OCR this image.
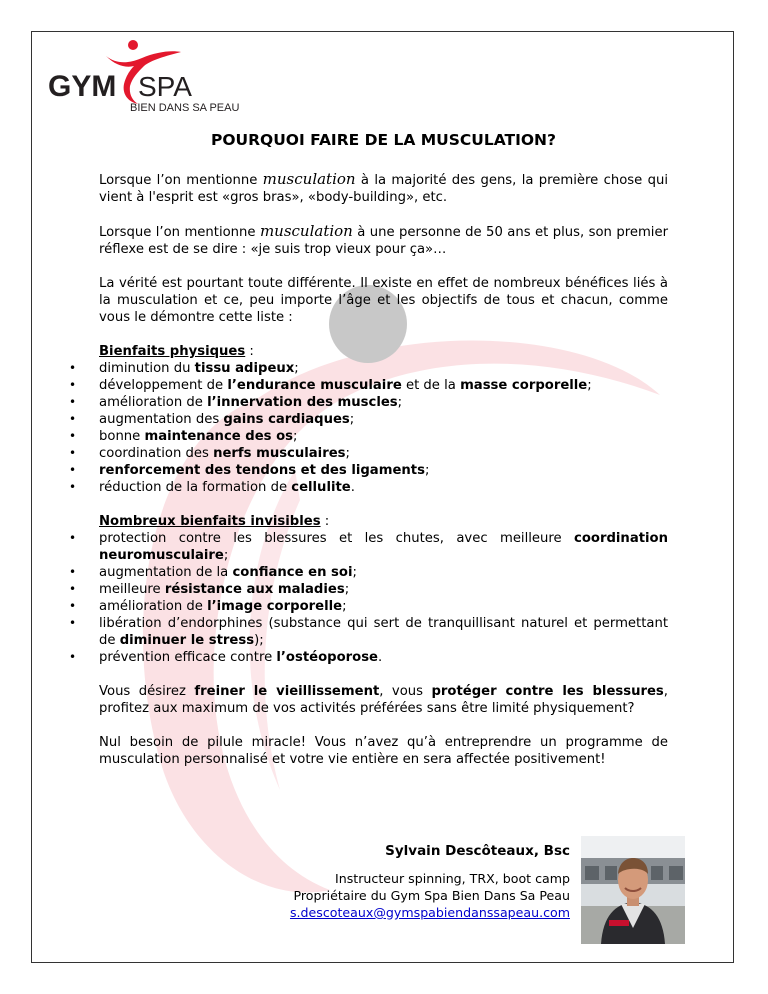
GYM SPA
BIEN DANS SA PEAU
POURQUOI FAIRE DE LA MUSCULATION?

Lorsque l’on mentionne musculation à la majorité des gens, la première chose qui vient à l'esprit est «gros bras», «body-building», etc.

Lorsque l’on mentionne musculation à une personne de 50 ans et plus, son premier réflexe est de se dire : «je suis trop vieux pour ça»…

La vérité est pourtant toute différente. Il existe en effet de nombreux bénéfices liés à la musculation et ce, peu importe l’âge et les objectifs de tous et chacun, comme vous le démontre cette liste :

Bienfaits physiques :
• diminution du tissu adipeux;
• développement de l’endurance musculaire et de la masse corporelle;
• amélioration de l’innervation des muscles;
• augmentation des gains cardiaques;
• bonne maintenance des os;
• coordination des nerfs musculaires;
• renforcement des tendons et des ligaments;
• réduction de la formation de cellulite.
Nombreux bienfaits invisibles :
• protection contre les blessures et les chutes, avec meilleure coordination neuromusculaire;
• augmentation de la confiance en soi;
• meilleure résistance aux maladies;
• amélioration de l’image corporelle;
• libération d’endorphines (substance qui sert de tranquillisant naturel et permettant de diminuer le stress);
• prévention efficace contre l’ostéoporose.

Vous désirez freiner le vieillissement, vous protéger contre les blessures, profitez aux maximum de vos activités préférées sans être limité physiquement?

Nul besoin de pilule miracle! Vous n’avez qu’à entreprendre un programme de musculation personnalisé et votre vie entière en sera affectée positivement!

Sylvain Descôteaux, Bsc
Instructeur spinning, TRX, boot camp
Propriétaire du Gym Spa Bien Dans Sa Peau
s.descoteaux@gymspabiendanssapeau.com
